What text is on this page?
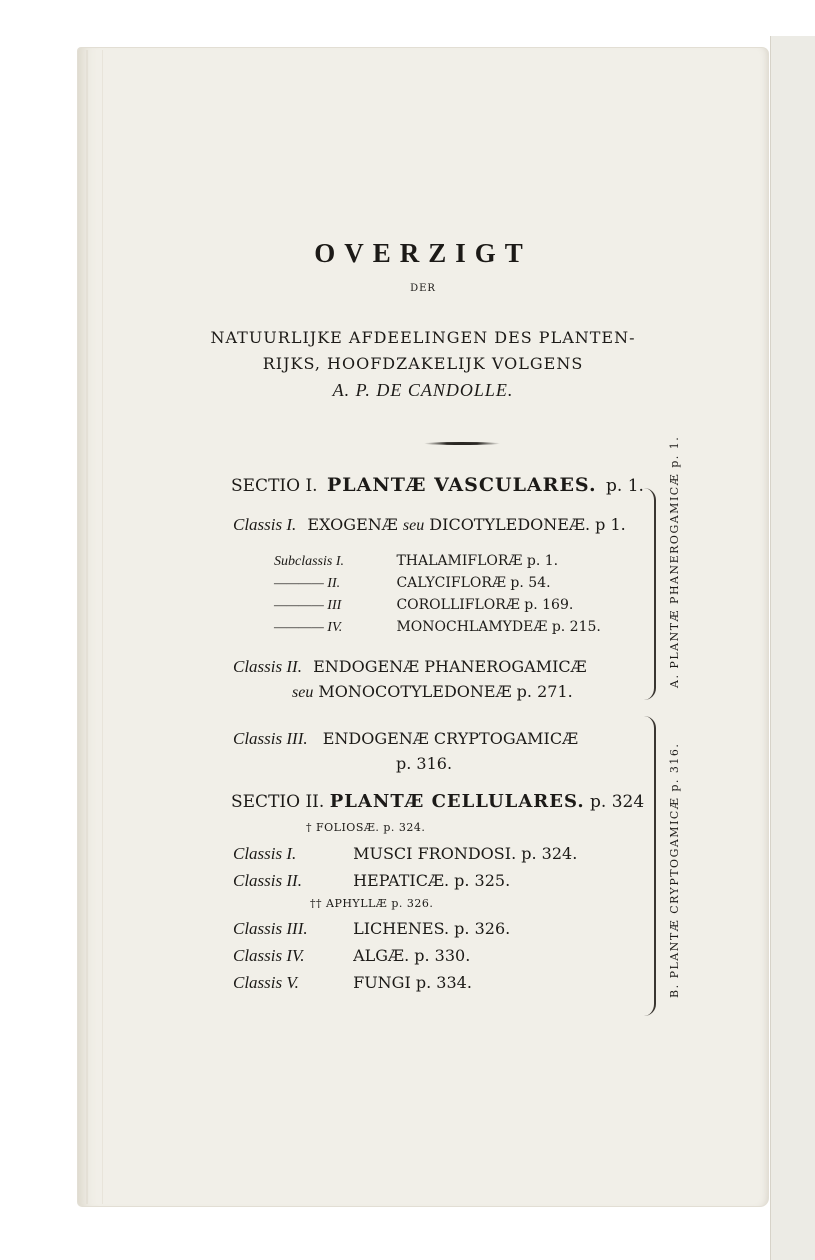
OVERZIGT
DER
NATUURLIJKE AFDEELINGEN DES PLANTEN-
RIJKS, HOOFDZAKELIJK VOLGENS
A. P. DE CANDOLLE.
SECTIO I. PLANTÆ VASCULARES. p. 1.
Classis I. EXOGENÆ seu DICOTYLEDONEÆ. p 1.
Subclassis I.	THALAMIFLORÆ p. 1.
———— II.	CALYCIFLORÆ p. 54.
———— III	COROLLIFLORÆ p. 169.
———— IV.	MONOCHLAMYDEÆ p. 215.
Classis II. ENDOGENÆ PHANEROGAMICÆ
seu MONOCOTYLEDONEÆ p. 271.
Classis III. ENDOGENÆ CRYPTOGAMICÆ
p. 316.
SECTIO II. PLANTÆ CELLULARES. p. 324
† FOLIOSÆ. p. 324.
Classis I.	MUSCI FRONDOSI. p. 324.
Classis II.	HEPATICÆ. p. 325.
†† APHYLLÆ p. 326.
Classis III.	LICHENES. p. 326.
Classis IV.	ALGÆ. p. 330.
Classis V.	FUNGI p. 334.
A. PLANTÆ PHANEROGAMICÆ p. 1.
B. PLANTÆ CRYPTOGAMICÆ p. 316.
